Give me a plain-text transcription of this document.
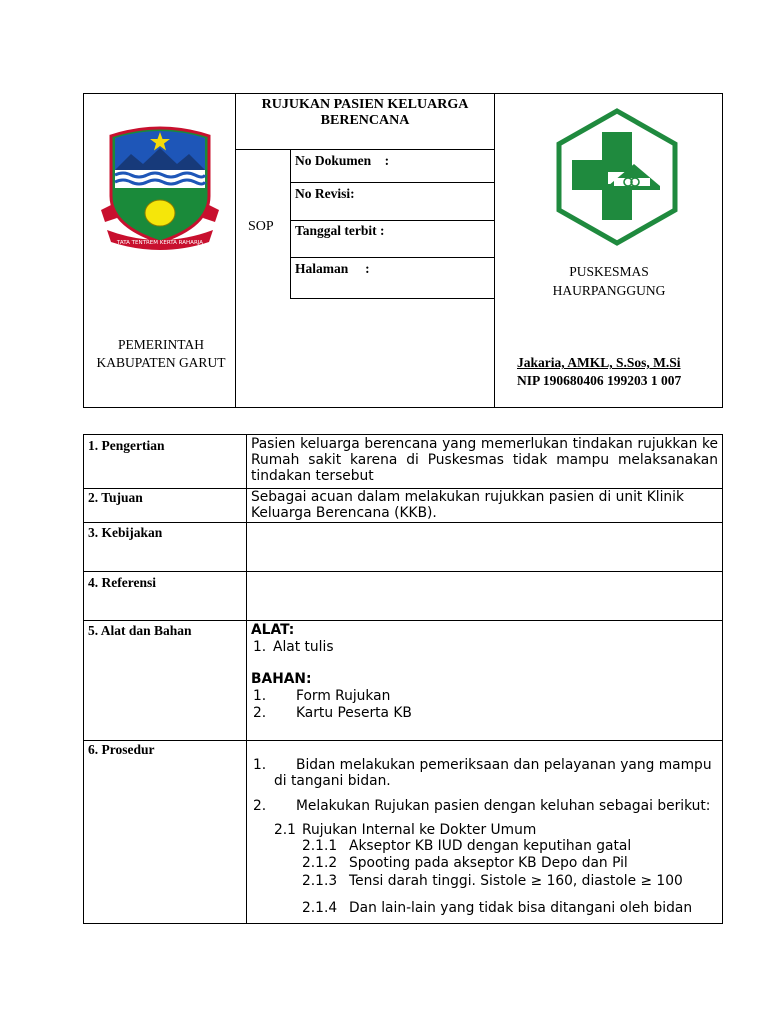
RUJUKAN PASIEN KELUARGA BERENCANA
SOP
No Dokumen    :
No Revisi:
Tanggal terbit :
Halaman     :
TATA TENTREM KERTA RAHARJA
PEMERINTAH
KABUPATEN GARUT
PUSKESMAS
HAURPANGGUNG
Jakaria, AMKL, S.Sos, M.Si
NIP 190680406 199203 1 007
1. Pengertian
2. Tujuan
3. Kebijakan
4. Referensi
5. Alat dan Bahan
6. Prosedur
Pasien keluarga berencana yang memerlukan tindakan rujukkan ke Rumah sakit karena di Puskesmas tidak mampu melaksanakan tindakan tersebut
Sebagai acuan dalam melakukan rujukkan pasien di unit Klinik Keluarga Berencana (KKB).
ALAT:
1. Alat tulis
BAHAN:
1. Form Rujukan
2. Kartu Peserta KB
1. Bidan melakukan pemeriksaan dan pelayanan yang mampu
di tangani bidan.
2. Melakukan Rujukan pasien dengan keluhan sebagai berikut:
2.1 Rujukan Internal ke Dokter Umum
2.1.1 Akseptor KB IUD dengan keputihan gatal
2.1.2 Spooting pada akseptor KB Depo dan Pil
2.1.3 Tensi darah tinggi. Sistole ≥ 160, diastole ≥ 100
2.1.4 Dan lain-lain yang tidak bisa ditangani oleh bidan
